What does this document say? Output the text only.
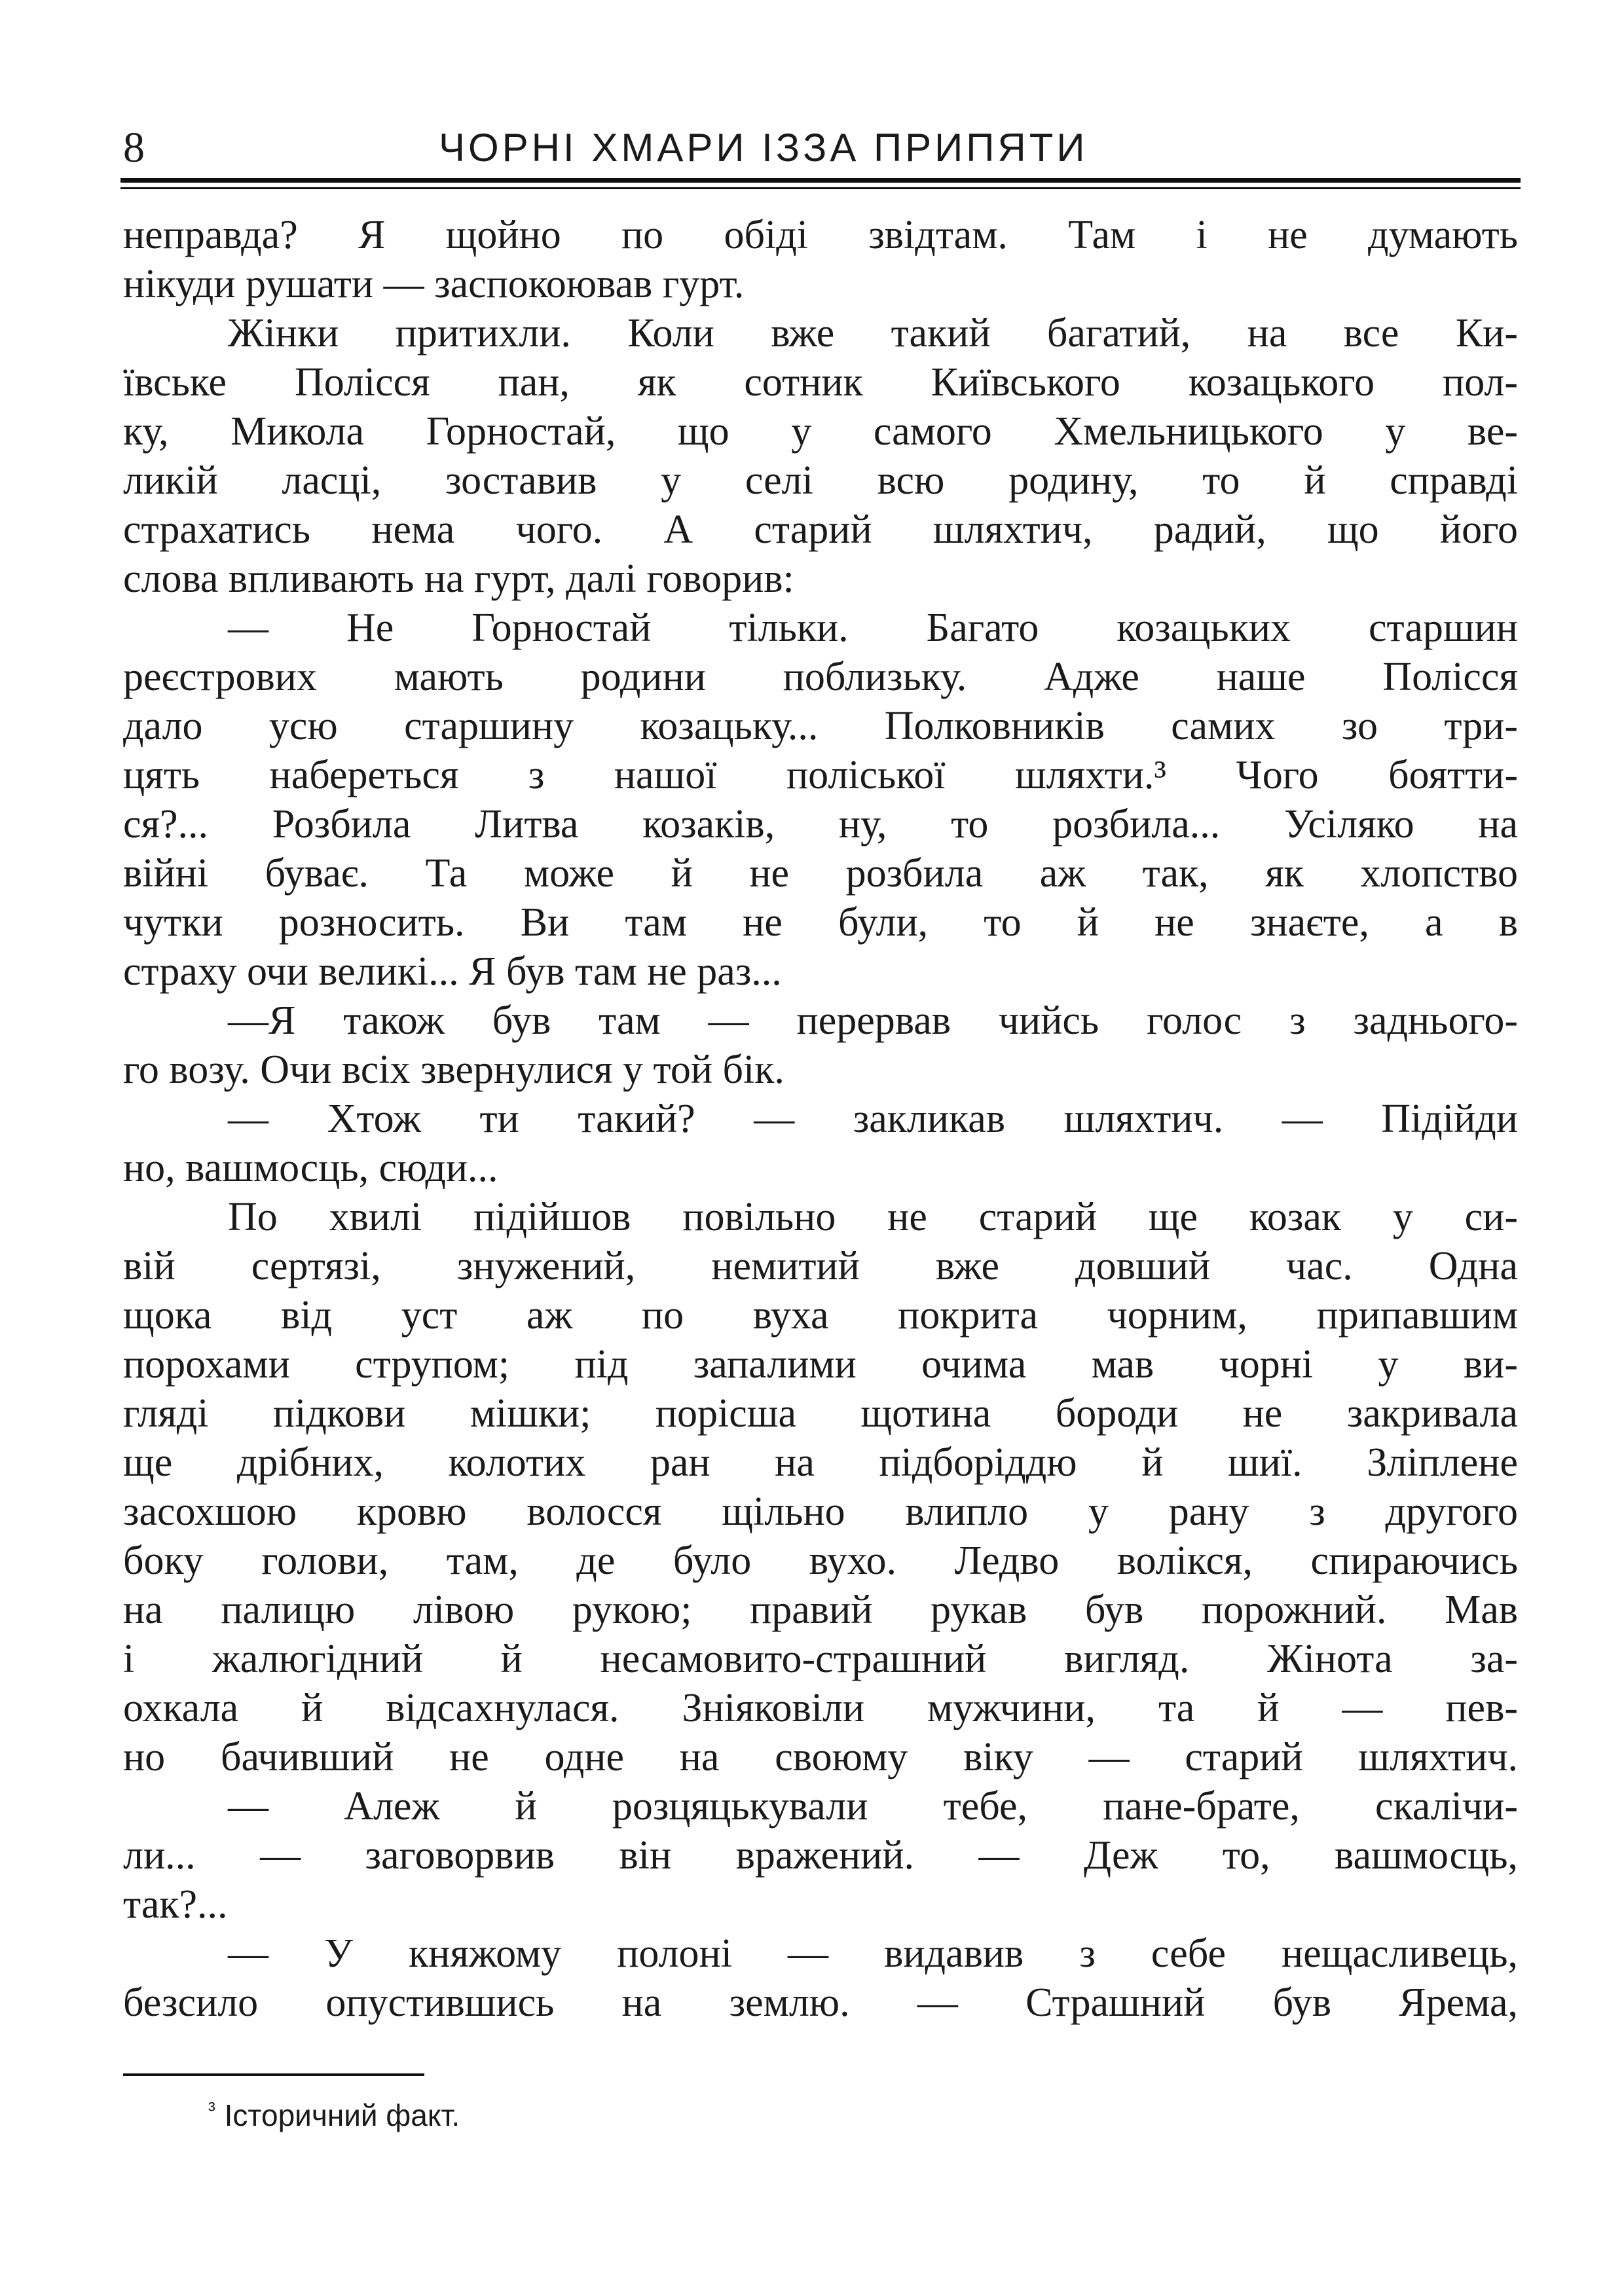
8	ЧОРНІ ХМАРИ ІЗЗА ПРИПЯТИ
неправда? Я щойно по обіді звідтам. Там і не думають
нікуди рушати — заспокоював гурт.
Жінки притихли. Коли вже такий багатий, на все Ки-
ївське Полісся пан, як сотник Київського козацького пол-
ку, Микола Горностай, що у самого Хмельницького у ве-
ликій ласці, зоставив у селі всю родину, то й справді
страхатись нема чого. А старий шляхтич, радий, що його
слова впливають на гурт, далі говорив:
— Не Горностай тільки. Багато козацьких старшин
реєстрових мають родини поблизьку. Адже наше Полісся
дало усю старшину козацьку... Полковників самих зо три-
цять набереться з нашої поліської шляхти.³ Чого боятти-
ся?... Розбила Литва козаків, ну, то розбила... Усіляко на
війні буває. Та може й не розбила аж так, як хлопство
чутки розносить. Ви там не були, то й не знаєте, а в
страху очи великі... Я був там не раз...
—Я також був там — перервав чийсь голос з заднього-
го возу. Очи всіх звернулися у той бік.
— Хтож ти такий? — закликав шляхтич. — Підійди
но, вашмосць, сюди...
По хвилі підійшов повільно не старий ще козак у си-
вій сертязі, знужений, немитий вже довший час. Одна
щока від уст аж по вуха покрита чорним, припавшим
порохами струпом; під запалими очима мав чорні у ви-
гляді підкови мішки; порісша щотина бороди не закривала
ще дрібних, колотих ран на підборіддю й шиї. Зліплене
засохшою кровю волосся щільно влипло у рану з другого
боку голови, там, де було вухо. Ледво волікся, спираючись
на палицю лівою рукою; правий рукав був порожний. Мав
і жалюгідний й несамовито-страшний вигляд. Жінота за-
охкала й відсахнулася. Зніяковіли мужчини, та й — пев-
но бачивший не одне на своюму віку — старий шляхтич.
— Алеж й розцяцькували тебе, пане-брате, скалічи-
ли... — заговорвив він вражений. — Деж то, вашмосць,
так?...
— У княжому полоні — видавив з себе нещасливець,
безсило опустившись на землю. — Страшний був Ярема,
$^{^3}$ Історичний факт.
